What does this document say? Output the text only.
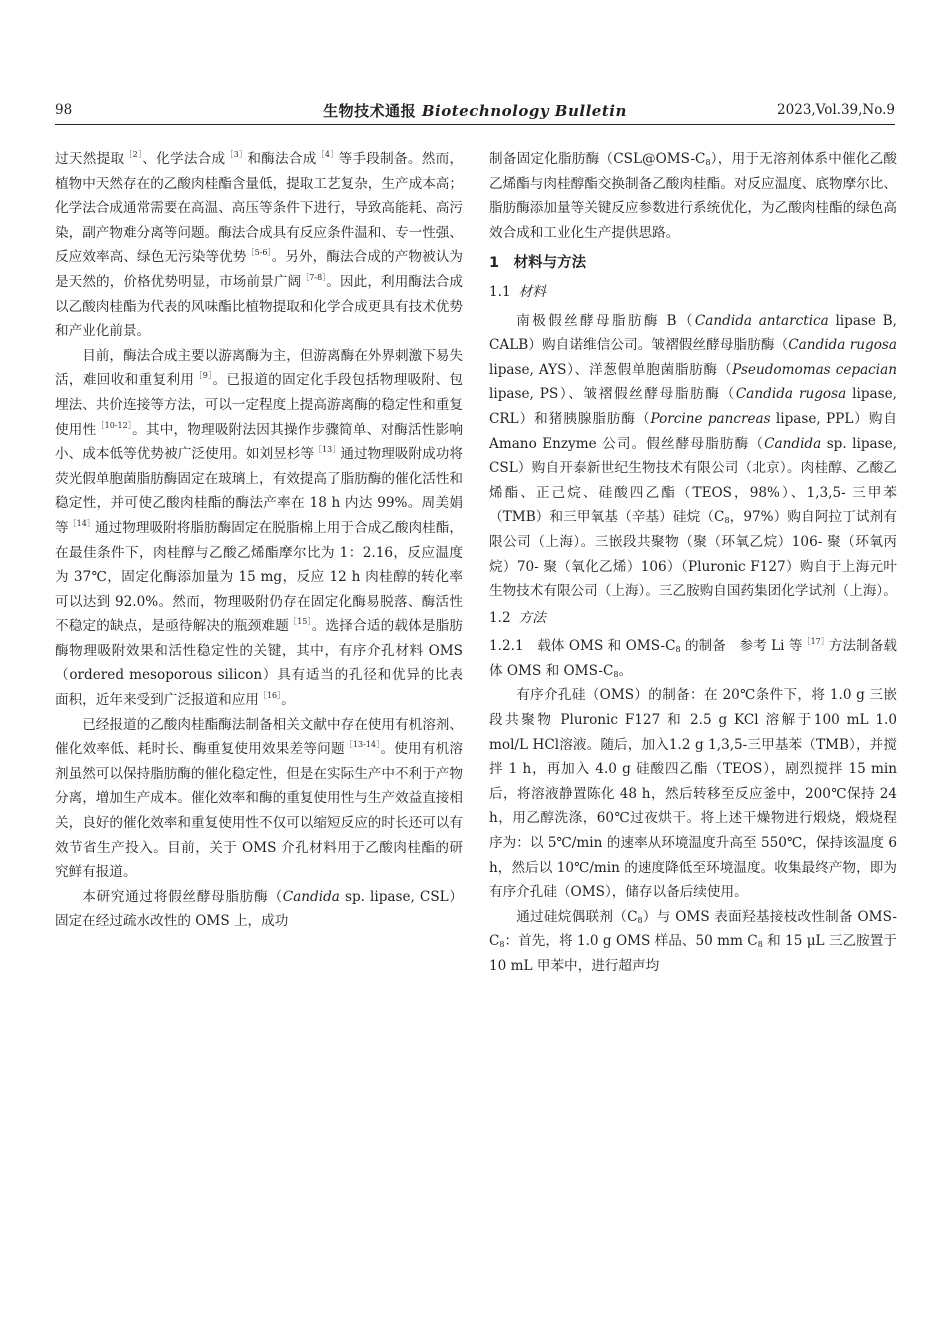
98	生物技术通报 Biotechnology Bulletin	2023,Vol.39,No.9

过天然提取$^{[2]}$、化学法合成$^{[3]}$和酶法合成$^{[4]}$等手段制备。然而，植物中天然存在的乙酸肉桂酯含量低，提取工艺复杂，生产成本高；化学法合成通常需要在高温、高压等条件下进行，导致高能耗、高污染，副产物难分离等问题。酶法合成具有反应条件温和、专一性强、反应效率高、绿色无污染等优势$^{[5-6]}$。另外，酶法合成的产物被认为是天然的，价格优势明显，市场前景广阔$^{[7-8]}$。因此，利用酶法合成以乙酸肉桂酯为代表的风味酯比植物提取和化学合成更具有技术优势和产业化前景。

目前，酶法合成主要以游离酶为主，但游离酶在外界刺激下易失活，难回收和重复利用$^{[9]}$。已报道的固定化手段包括物理吸附、包埋法、共价连接等方法，可以一定程度上提高游离酶的稳定性和重复使用性$^{[10-12]}$。其中，物理吸附法因其操作步骤简单、对酶活性影响小、成本低等优势被广泛使用。如刘昱杉等$^{[13]}$通过物理吸附成功将荧光假单胞菌脂肪酶固定在玻璃上，有效提高了脂肪酶的催化活性和稳定性，并可使乙酸肉桂酯的酶法产率在 18 h 内达 99%。周美娟等$^{[14]}$通过物理吸附将脂肪酶固定在脱脂棉上用于合成乙酸肉桂酯，在最佳条件下，肉桂醇与乙酸乙烯酯摩尔比为 1：2.16，反应温度为 37℃，固定化酶添加量为 15 mg，反应 12 h 肉桂醇的转化率可以达到 92.0%。然而，物理吸附仍存在固定化酶易脱落、酶活性不稳定的缺点，是亟待解决的瓶颈难题$^{[15]}$。选择合适的载体是脂肪酶物理吸附效果和活性稳定性的关键，其中，有序介孔材料 OMS（ordered mesoporous silicon）具有适当的孔径和优异的比表面积，近年来受到广泛报道和应用$^{[16]}$。

已经报道的乙酸肉桂酯酶法制备相关文献中存在使用有机溶剂、催化效率低、耗时长、酶重复使用效果差等问题$^{[13-14]}$。使用有机溶剂虽然可以保持脂肪酶的催化稳定性，但是在实际生产中不利于产物分离，增加生产成本。催化效率和酶的重复使用性与生产效益直接相关，良好的催化效率和重复使用性不仅可以缩短反应的时长还可以有效节省生产投入。目前，关于 OMS 介孔材料用于乙酸肉桂酯的研究鲜有报道。

本研究通过将假丝酵母脂肪酶（Candida sp. lipase, CSL）固定在经过疏水改性的 OMS 上，成功

制备固定化脂肪酶$(CSL@OMS-C_8)$，用于无溶剂体系中催化乙酸乙烯酯与肉桂醇酯交换制备乙酸肉桂酯。对反应温度、底物摩尔比、脂肪酶添加量等关键反应参数进行系统优化，为乙酸肉桂酯的绿色高效合成和工业化生产提供思路。

1  材料与方法
1.1 材料

南极假丝酵母脂肪酶 B（Candida antarctica lipase B, CALB）购自诺维信公司。皱褶假丝酵母脂肪酶（Candida rugosa lipase, AYS）、洋葱假单胞菌脂肪酶（Pseudomomas cepacian lipase, PS）、皱褶假丝酵母脂肪酶（Candida rugosa lipase, CRL）和猪胰腺脂肪酶（Porcine pancreas lipase, PPL）购自 Amano Enzyme 公司。假丝酵母脂肪酶（Candida sp. lipase, CSL）购自开泰新世纪生物技术有限公司（北京）。肉桂醇、乙酸乙烯酯、正己烷、硅酸四乙酯（TEOS，98%）、1,3,5- 三甲苯（TMB）和三甲氧基（辛基）硅烷（$C_8$，97%）购自阿拉丁试剂有限公司（上海）。三嵌段共聚物（聚（环氧乙烷）106- 聚（环氧丙烷）70- 聚（氧化乙烯）106）（Pluronic F127）购自于上海元叶生物技术有限公司（上海）。三乙胺购自国药集团化学试剂（上海）。

1.2 方法

1.2.1　载体 OMS 和 OMS-$C_8$ 的制备　参考 Li 等$^{[17]}$方法制备载体 OMS 和 OMS-$C_8$。

有序介孔硅（OMS）的制备：在 20℃条件下，将 1.0 g 三嵌段共聚物 Pluronic F127 和 2.5 g KCl 溶解于100 mL 1.0 mol/L HCl溶液。随后，加入1.2 g 1,3,5-三甲基苯（TMB），并搅拌 1 h，再加入 4.0 g 硅酸四乙酯（TEOS），剧烈搅拌 15 min 后，将溶液静置陈化 48 h，然后转移至反应釜中，200℃保持 24 h，用乙醇洗涤，60℃过夜烘干。将上述干燥物进行煅烧，煅烧程序为：以 5℃/min 的速率从环境温度升高至 550℃，保持该温度 6 h，然后以 10℃/min 的速度降低至环境温度。收集最终产物，即为有序介孔硅（OMS），储存以备后续使用。

通过硅烷偶联剂$(C_8)$与 OMS 表面羟基接枝改性制备 OMS-$C_8$：首先，将 1.0 g OMS 样品、50 mm $C_8$ 和 15 μL 三乙胺置于 10 mL 甲苯中，进行超声均
